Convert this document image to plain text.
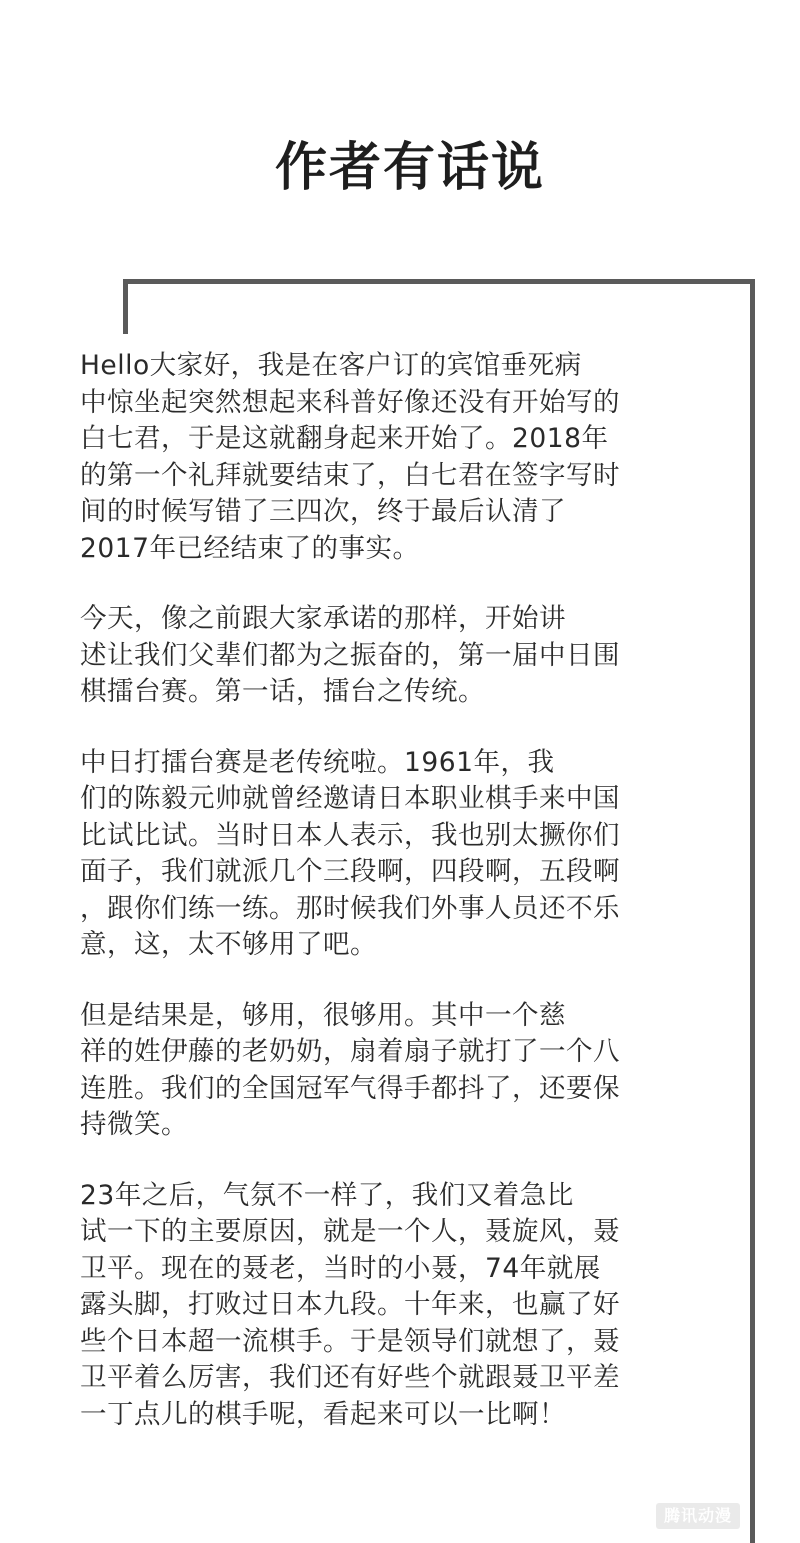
作者有话说
Hello大家好，我是在客户订的宾馆垂死病
中惊坐起突然想起来科普好像还没有开始写的
白七君，于是这就翻身起来开始了。2018年
的第一个礼拜就要结束了，白七君在签字写时
间的时候写错了三四次，终于最后认清了
2017年已经结束了的事实。
今天，像之前跟大家承诺的那样，开始讲
述让我们父辈们都为之振奋的，第一届中日围
棋擂台赛。第一话，擂台之传统。
中日打擂台赛是老传统啦。1961年，我
们的陈毅元帅就曾经邀请日本职业棋手来中国
比试比试。当时日本人表示，我也别太撅你们
面子，我们就派几个三段啊，四段啊，五段啊
，跟你们练一练。那时候我们外事人员还不乐
意，这，太不够用了吧。
但是结果是，够用，很够用。其中一个慈
祥的姓伊藤的老奶奶，扇着扇子就打了一个八
连胜。我们的全国冠军气得手都抖了，还要保
持微笑。
23年之后，气氛不一样了，我们又着急比
试一下的主要原因，就是一个人，聂旋风，聂
卫平。现在的聂老，当时的小聂，74年就展
露头脚，打败过日本九段。十年来，也赢了好
些个日本超一流棋手。于是领导们就想了，聂
卫平着么厉害，我们还有好些个就跟聂卫平差
一丁点儿的棋手呢，看起来可以一比啊！
腾讯动漫
